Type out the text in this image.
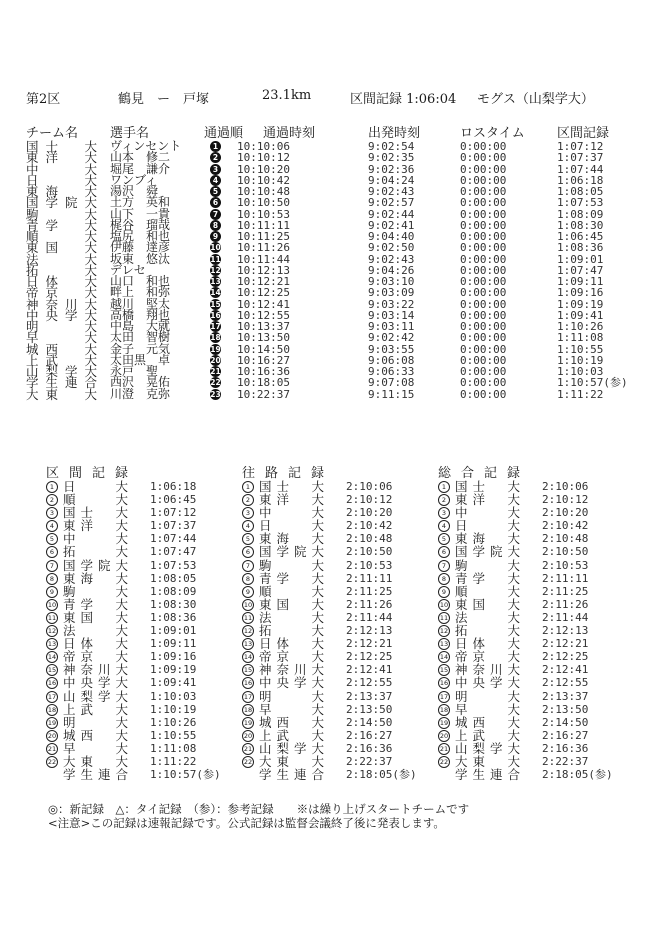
第2区	鶴見　ー　戸塚	23.1km	区間記録 1:06:04 モグス（山梨学大）
チーム名 選手名	通過順 通過時刻	出発時刻	ロスタイム 区間記録
国士　大 ヴィンセント	1 10:10:06	9:02:54	0:00:00	1:07:12
東洋　大 山本　修二	2 10:10:12	9:02:35	0:00:00	1:07:37
中　　大 堀尾　謙介	3 10:10:20	9:02:36	0:00:00	1:07:44
日　　大 ワンブィ	4 10:10:42	9:04:24	0:00:00	1:06:18
東海　大 湯沢　舜	5 10:10:48	9:02:43	0:00:00	1:08:05
国学院大 土方　英和	6 10:10:50	9:02:57	0:00:00	1:07:53
駒　　大 山下　一貴	7 10:10:53	9:02:44	0:00:00	1:08:09
青学　大 梶谷　瑠哉	8 10:11:11	9:02:41	0:00:00	1:08:30
順　　大 塩尻　和也	9 10:11:25	9:04:40	0:00:00	1:06:45
東国　大 伊藤　達彦	10 10:11:26	9:02:50	0:00:00	1:08:36
法　　大 坂東　悠汰	11 10:11:44	9:02:43	0:00:00	1:09:01
拓　　大 デレセ	12 10:12:13	9:04:26	0:00:00	1:07:47
日体　大 山口　和也	13 10:12:21	9:03:10	0:00:00	1:09:11
帝京　大 畔上　和弥	14 10:12:25	9:03:09	0:00:00	1:09:16
神奈川大 越川　堅太	15 10:12:41	9:03:22	0:00:00	1:09:19
中央学大 高橋　翔也	16 10:12:55	9:03:14	0:00:00	1:09:41
明　　大 中島　大就	17 10:13:37	9:03:11	0:00:00	1:10:26
早　　大 太田　智樹	18 10:13:50	9:02:42	0:00:00	1:11:08
城西　大 金子　元気	19 10:14:50	9:03:55	0:00:00	1:10:55
上武　大 太田黒　卓	20 10:16:27	9:06:08	0:00:00	1:10:19
山梨学大 永戸　聖	21 10:16:36	9:06:33	0:00:00	1:10:03
学生連合 西沢　晃佑	22 10:18:05	9:07:08	0:00:00	1:10:57(参)
大東　大 川澄　克弥	23 10:22:37	9:11:15	0:00:00	1:11:22
区間記録
1 日　　大 1:06:18
2 順　　大 1:06:45
3 国士　大 1:07:12
4 東洋　大 1:07:37
5 中　　大 1:07:44
6 拓　　大 1:07:47
7 国学院大 1:07:53
8 東海　大 1:08:05
9 駒　　大 1:08:09
10 青学　大 1:08:30
11 東国　大 1:08:36
12 法　　大 1:09:01
13 日体　大 1:09:11
14 帝京　大 1:09:16
15 神奈川大 1:09:19
16 中央学大 1:09:41
17 山梨学大 1:10:03
18 上武　大 1:10:19
19 明　　大 1:10:26
20 城西　大 1:10:55
21 早　　大 1:11:08
22 大東　大 1:11:22
学生連合 1:10:57(参)
往路記録
1 国士　大 2:10:06
2 東洋　大 2:10:12
3 中　　大 2:10:20
4 日　　大 2:10:42
5 東海　大 2:10:48
6 国学院大 2:10:50
7 駒　　大 2:10:53
8 青学　大 2:11:11
9 順　　大 2:11:25
10 東国　大 2:11:26
11 法　　大 2:11:44
12 拓　　大 2:12:13
13 日体　大 2:12:21
14 帝京　大 2:12:25
15 神奈川大 2:12:41
16 中央学大 2:12:55
17 明　　大 2:13:37
18 早　　大 2:13:50
19 城西　大 2:14:50
20 上武　大 2:16:27
21 山梨学大 2:16:36
22 大東　大 2:22:37
学生連合 2:18:05(参)
総合記録
1 国士　大 2:10:06
2 東洋　大 2:10:12
3 中　　大 2:10:20
4 日　　大 2:10:42
5 東海　大 2:10:48
6 国学院大 2:10:50
7 駒　　大 2:10:53
8 青学　大 2:11:11
9 順　　大 2:11:25
10 東国　大 2:11:26
11 法　　大 2:11:44
12 拓　　大 2:12:13
13 日体　大 2:12:21
14 帝京　大 2:12:25
15 神奈川大 2:12:41
16 中央学大 2:12:55
17 明　　大 2:13:37
18 早　　大 2:13:50
19 城西　大 2:14:50
20 上武　大 2:16:27
21 山梨学大 2:16:36
22 大東　大 2:22:37
学生連合 2:18:05(参)
◎：新記録　△：タイ記録　（参）：参考記録　　※は繰り上げスタートチームです
<注意>この記録は速報記録です。公式記録は監督会議終了後に発表します。
